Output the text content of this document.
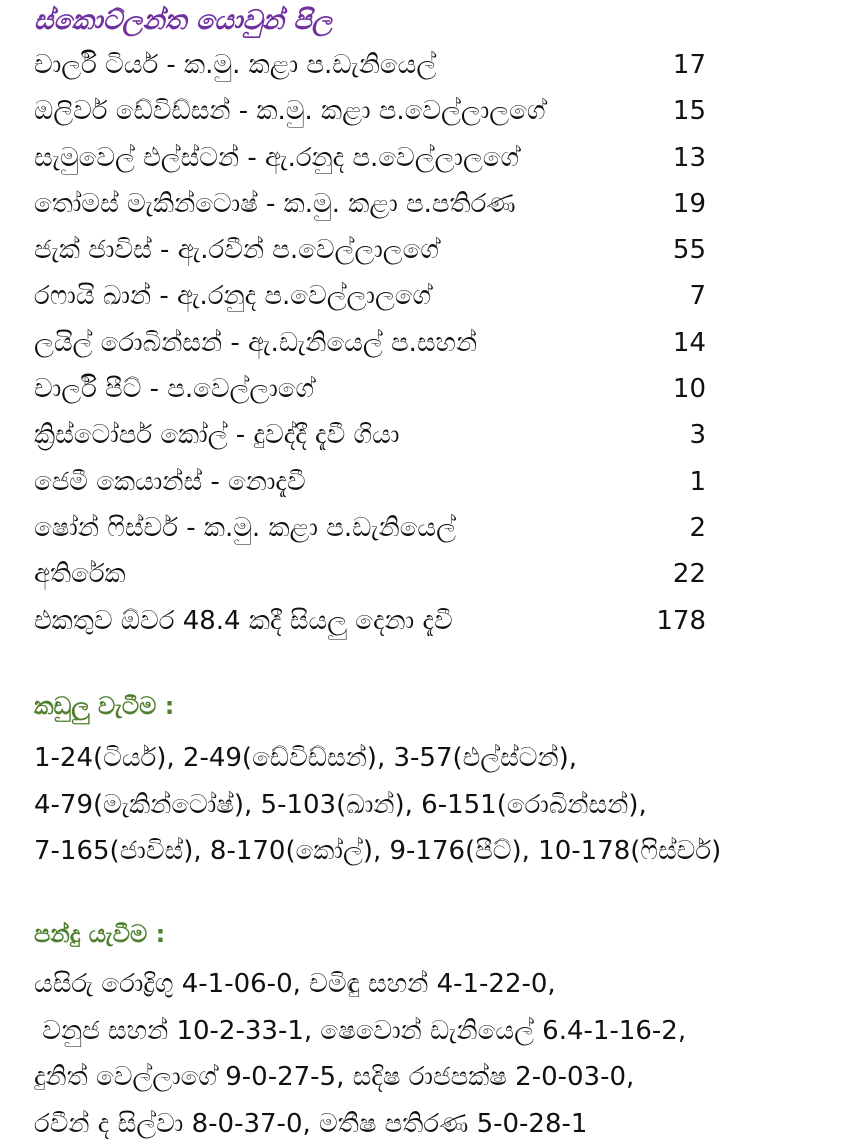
ස්කොට්ලන්ත යොවුන් පිල
චාර්ලි ටියර් - ක.මු. කළා ප.ඩැනියෙල්	17
ඔලිවර් ඩේවිඩ්සන් - ක.මු. කළා ප.වෙල්ලාලගේ	15
සැමුවෙල් එල්ස්ටන් - ඇ.රනුද ප.වෙල්ලාලගේ	13
තෝමස් මැකින්ටොෂ් - ක.මු. කළා ප.පතිරණ	19
ජැක් ජාවිස් - ඇ.රවීන් ප.වෙල්ලාලගේ	55
රෆායි ඛාන් - ඇ.රනුද ප.වෙල්ලාලගේ	7
ලයිල් රොබින්සන් - ඇ.ඩැනියෙල් ප.සහන්	14
චාර්ලි පීට් - ප.වෙල්ලාගේ	10
ක්‍රිස්ටෝපර් කෝල් - දුවද්දී දැවී ගියා	3
ජෙමී කෙයාන්ස් - නොදැවී	1
ෂෝන් ෆිස්චර් - ක.මු. කළා ප.ඩැනියෙල්	2
අතිරේක	22
එකතුව ඕවර 48.4 කදී සියලු දෙනා දැවී	178
කඩුලු වැටීම :
1-24(ටියර්), 2-49(ඩේවිඩ්සන්), 3-57(එල්ස්ටන්),
4-79(මැකින්ටෝෂ්), 5-103(ඛාන්), 6-151(රොබින්සන්),
7-165(ජාවිස්), 8-170(කෝල්), 9-176(පීට්), 10-178(ෆිස්චර්)
පන්දු යැවීම :
යසිරු රොද්‍රිගු 4-1-06-0, චමිඳු සහන් 4-1-22-0,
වනුජ සහන් 10-2-33-1, ෂෙවොන් ඩැනියෙල් 6.4-1-16-2,
දුනිත් වෙල්ලාගේ 9-0-27-5, සදිෂ රාජපක්ෂ 2-0-03-0,
රවීන් ද සිල්වා 8-0-37-0, මතීෂ පතිරණ 5-0-28-1
